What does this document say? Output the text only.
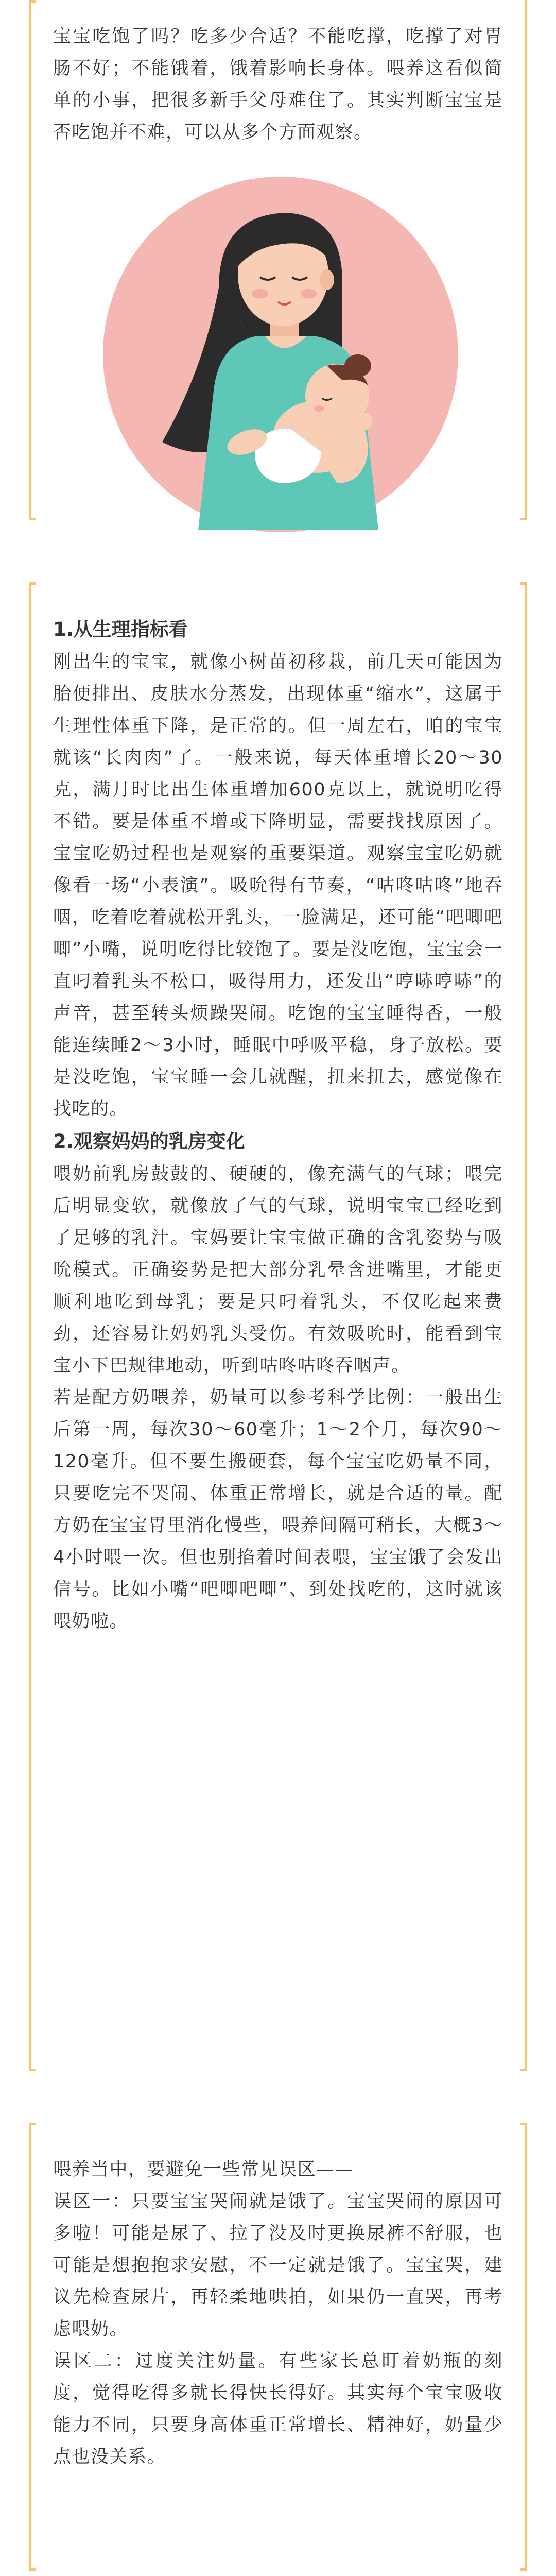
宝宝吃饱了吗？吃多少合适？不能吃撑，吃撑了对胃肠不好；不能饿着，饿着影响长身体。喂养这看似简单的小事，把很多新手父母难住了。其实判断宝宝是否吃饱并不难，可以从多个方面观察。

1.从生理指标看

刚出生的宝宝，就像小树苗初移栽，前几天可能因为胎便排出、皮肤水分蒸发，出现体重“缩水”，这属于生理性体重下降，是正常的。但一周左右，咱的宝宝就该“长肉肉”了。一般来说，每天体重增长20～30克，满月时比出生体重增加600克以上，就说明吃得不错。要是体重不增或下降明显，需要找找原因了。宝宝吃奶过程也是观察的重要渠道。观察宝宝吃奶就像看一场“小表演”。吸吮得有节奏，“咕咚咕咚”地吞咽，吃着吃着就松开乳头，一脸满足，还可能“吧唧吧唧”小嘴，说明吃得比较饱了。要是没吃饱，宝宝会一直叼着乳头不松口，吸得用力，还发出“哼哧哼哧”的声音，甚至转头烦躁哭闹。吃饱的宝宝睡得香，一般能连续睡2～3小时，睡眠中呼吸平稳，身子放松。要是没吃饱，宝宝睡一会儿就醒，扭来扭去，感觉像在找吃的。

2.观察妈妈的乳房变化

喂奶前乳房鼓鼓的、硬硬的，像充满气的气球；喂完后明显变软，就像放了气的气球，说明宝宝已经吃到了足够的乳汁。宝妈要让宝宝做正确的含乳姿势与吸吮模式。正确姿势是把大部分乳晕含进嘴里，才能更顺利地吃到母乳；要是只叼着乳头，不仅吃起来费劲，还容易让妈妈乳头受伤。有效吸吮时，能看到宝宝小下巴规律地动，听到咕咚咕咚吞咽声。

若是配方奶喂养，奶量可以参考科学比例：一般出生后第一周，每次30～60毫升；1～2个月，每次90～120毫升。但不要生搬硬套，每个宝宝吃奶量不同，只要吃完不哭闹、体重正常增长，就是合适的量。配方奶在宝宝胃里消化慢些，喂养间隔可稍长，大概3～4小时喂一次。但也别掐着时间表喂，宝宝饿了会发出信号。比如小嘴“吧唧吧唧”、到处找吃的，这时就该喂奶啦。

喂养当中，要避免一些常见误区——

误区一：只要宝宝哭闹就是饿了。宝宝哭闹的原因可多啦！可能是尿了、拉了没及时更换尿裤不舒服，也可能是想抱抱求安慰，不一定就是饿了。宝宝哭，建议先检查尿片，再轻柔地哄拍，如果仍一直哭，再考虑喂奶。

误区二：过度关注奶量。有些家长总盯着奶瓶的刻度，觉得吃得多就长得快长得好。其实每个宝宝吸收能力不同，只要身高体重正常增长、精神好，奶量少点也没关系。
